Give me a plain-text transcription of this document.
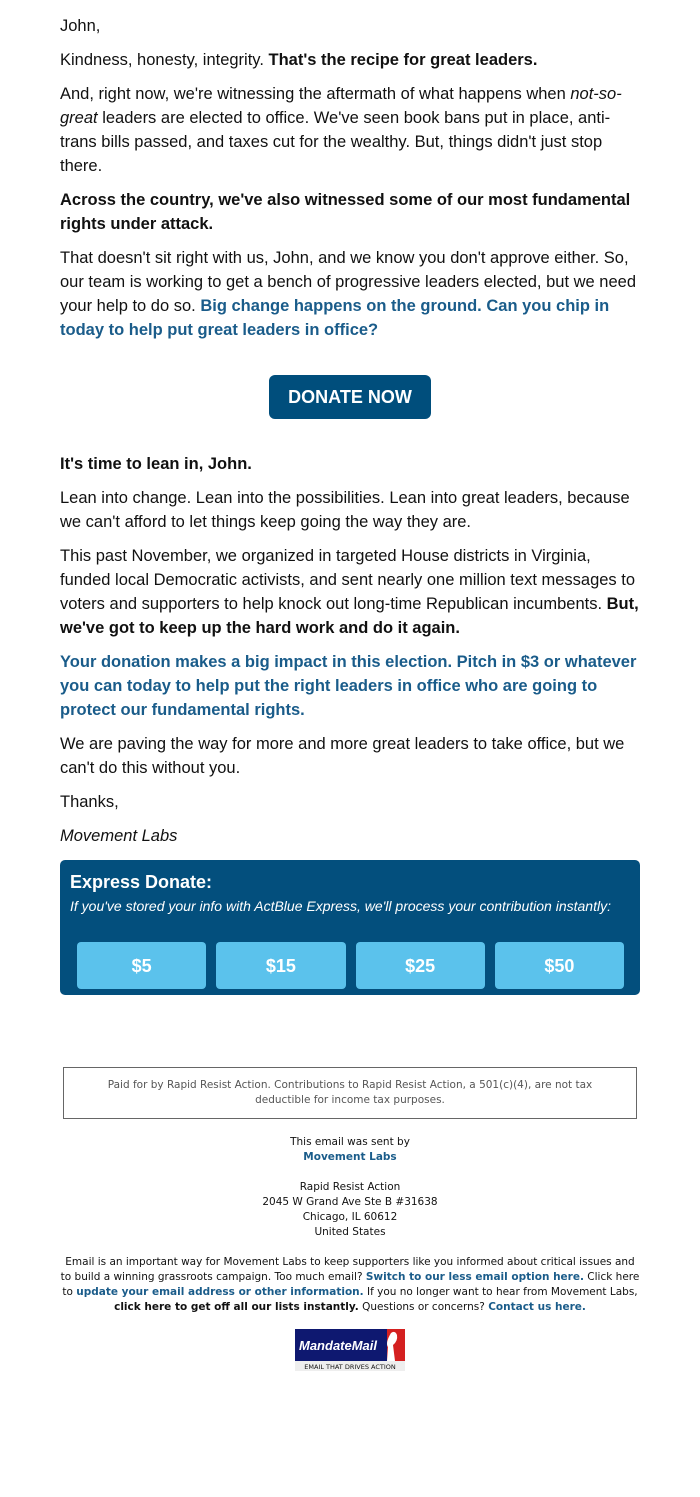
John,

Kindness, honesty, integrity. That's the recipe for great leaders.

And, right now, we're witnessing the aftermath of what happens when not-so-great leaders are elected to office. We've seen book bans put in place, anti-trans bills passed, and taxes cut for the wealthy. But, things didn't just stop there.

Across the country, we've also witnessed some of our most fundamental rights under attack.

That doesn't sit right with us, John, and we know you don't approve either. So, our team is working to get a bench of progressive leaders elected, but we need your help to do so. Big change happens on the ground. Can you chip in today to help put great leaders in office?

DONATE NOW

It's time to lean in, John.

Lean into change. Lean into the possibilities. Lean into great leaders, because we can't afford to let things keep going the way they are.

This past November, we organized in targeted House districts in Virginia, funded local Democratic activists, and sent nearly one million text messages to voters and supporters to help knock out long-time Republican incumbents. But, we've got to keep up the hard work and do it again.

Your donation makes a big impact in this election. Pitch in $3 or whatever you can today to help put the right leaders in office who are going to protect our fundamental rights.

We are paving the way for more and more great leaders to take office, but we can't do this without you.

Thanks,

Movement Labs

Express Donate:
If you've stored your info with ActBlue Express, we'll process your contribution instantly:
$5	$15	$25	$50
Paid for by Rapid Resist Action. Contributions to Rapid Resist Action, a 501(c)(4), are not tax deductible for income tax purposes.
This email was sent by
Movement Labs
Rapid Resist Action
2045 W Grand Ave Ste B #31638
Chicago, IL 60612
United States
Email is an important way for Movement Labs to keep supporters like you informed about critical issues and to build a winning grassroots campaign. Too much email? Switch to our less email option here. Click here to update your email address or other information. If you no longer want to hear from Movement Labs, click here to get off all our lists instantly. Questions or concerns? Contact us here.
MandateMail
EMAIL THAT DRIVES ACTION
